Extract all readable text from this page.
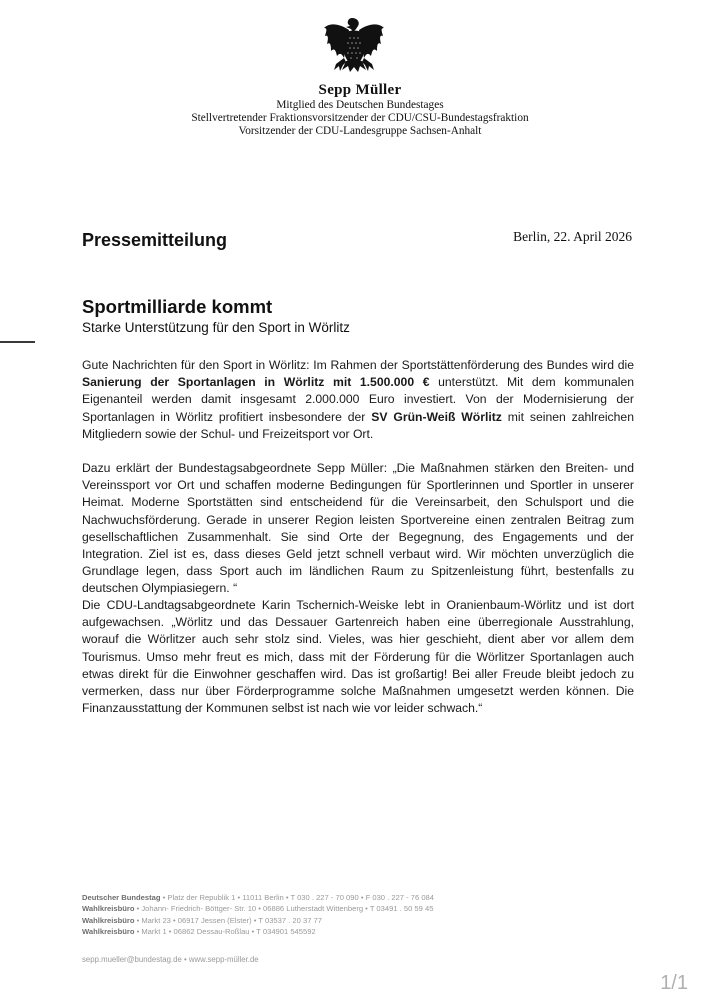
Sepp Müller
Mitglied des Deutschen Bundestages
Stellvertretender Fraktionsvorsitzender der CDU/CSU-Bundestagsfraktion
Vorsitzender der CDU-Landesgruppe Sachsen-Anhalt
Pressemitteilung	Berlin, 22. April 2026
Sportmilliarde kommt
Starke Unterstützung für den Sport in Wörlitz
Gute Nachrichten für den Sport in Wörlitz: Im Rahmen der Sportstättenförderung des Bundes wird die Sanierung der Sportanlagen in Wörlitz mit 1.500.000 € unterstützt. Mit dem kommunalen Eigenanteil werden damit insgesamt 2.000.000 Euro investiert. Von der Modernisierung der Sportanlagen in Wörlitz profitiert insbesondere der SV Grün-Weiß Wörlitz mit seinen zahlreichen Mitgliedern sowie der Schul- und Freizeitsport vor Ort.
Dazu erklärt der Bundestagsabgeordnete Sepp Müller: „Die Maßnahmen stärken den Breiten- und Vereinssport vor Ort und schaffen moderne Bedingungen für Sportlerinnen und Sportler in unserer Heimat. Moderne Sportstätten sind entscheidend für die Vereinsarbeit, den Schulsport und die Nachwuchsförderung. Gerade in unserer Region leisten Sportvereine einen zentralen Beitrag zum gesellschaftlichen Zusammenhalt. Sie sind Orte der Begegnung, des Engagements und der Integration. Ziel ist es, dass dieses Geld jetzt schnell verbaut wird. Wir möchten unverzüglich die Grundlage legen, dass Sport auch im ländlichen Raum zu Spitzenleistung führt, bestenfalls zu deutschen Olympiasiegern. “
Die CDU-Landtagsabgeordnete Karin Tschernich-Weiske lebt in Oranienbaum-Wörlitz und ist dort aufgewachsen. „Wörlitz und das Dessauer Gartenreich haben eine überregionale Ausstrahlung, worauf die Wörlitzer auch sehr stolz sind. Vieles, was hier geschieht, dient aber vor allem dem Tourismus. Umso mehr freut es mich, dass mit der Förderung für die Wörlitzer Sportanlagen auch etwas direkt für die Einwohner geschaffen wird. Das ist großartig! Bei aller Freude bleibt jedoch zu vermerken, dass nur über Förderprogramme solche Maßnahmen umgesetzt werden können. Die Finanzausstattung der Kommunen selbst ist nach wie vor leider schwach.“
Deutscher Bundestag • Platz der Republik 1 • 11011 Berlin • T 030 . 227 - 70 090 • F 030 . 227 - 76 084
Wahlkreisbüro • Johann- Friedrich- Böttger- Str. 10 • 06886 Lutherstadt Wittenberg • T 03491 . 50 59 45
Wahlkreisbüro • Markt 23 • 06917 Jessen (Elster) • T 03537 . 20 37 77
Wahlkreisbüro • Markt 1 • 06862 Dessau-Roßlau • T 034901 545592
sepp.mueller@bundestag.de • www.sepp-müller.de
1/1
